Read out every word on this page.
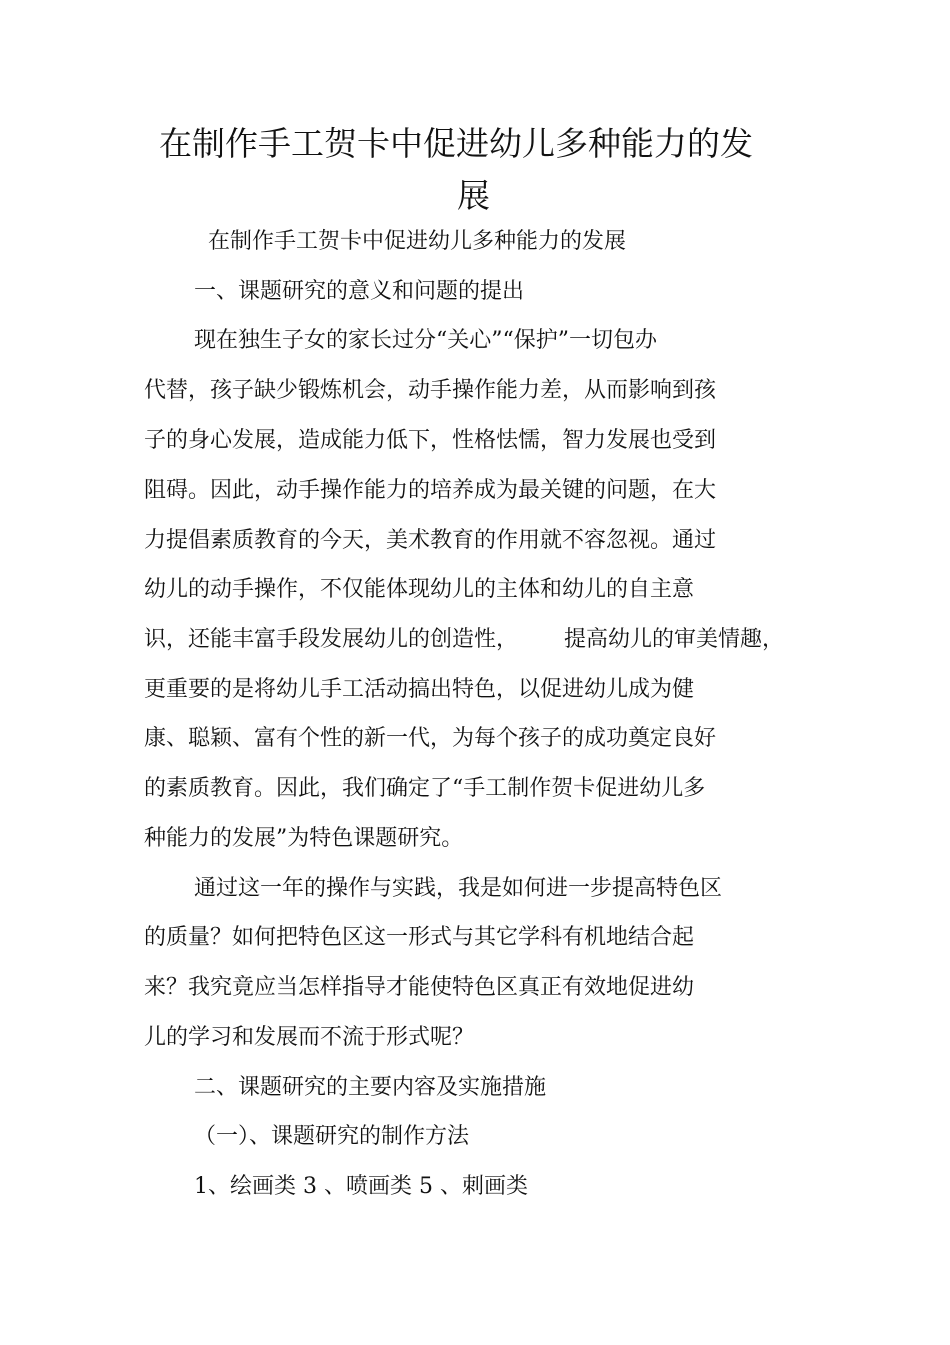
在制作手工贺卡中促进幼儿多种能力的发
展
在制作手工贺卡中促进幼儿多种能力的发展
一、课题研究的意义和问题的提出
现在独生子女的家长过分“关心”“保护”一切包办
代替，孩子缺少锻炼机会，动手操作能力差，从而影响到孩
子的身心发展，造成能力低下，性格怯懦，智力发展也受到
阻碍。因此，动手操作能力的培养成为最关键的问题，在大
力提倡素质教育的今天，美术教育的作用就不容忽视。通过
幼儿的动手操作，不仅能体现幼儿的主体和幼儿的自主意
识，还能丰富手段发展幼儿的创造性， 提高幼儿的审美情趣，
更重要的是将幼儿手工活动搞出特色，以促进幼儿成为健
康、聪颖、富有个性的新一代，为每个孩子的成功奠定良好
的素质教育。因此，我们确定了“手工制作贺卡促进幼儿多
种能力的发展”为特色课题研究。
通过这一年的操作与实践，我是如何进一步提高特色区
的质量？如何把特色区这一形式与其它学科有机地结合起
来？我究竟应当怎样指导才能使特色区真正有效地促进幼
儿的学习和发展而不流于形式呢？
二、课题研究的主要内容及实施措施
（一）、课题研究的制作方法
1、绘画类 3 、喷画类 5 、刺画类
